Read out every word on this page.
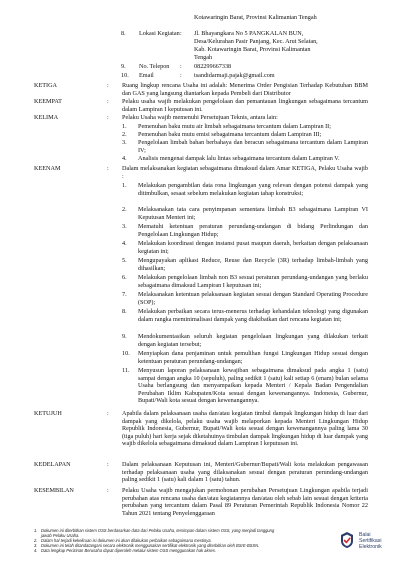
Kotawaringin Barat, Provinsi Kalimantan Tengah
8. Lokasi Kegiatan : Jl. Bhayangkara No 5 PANGKALAN BUN,
Desa/Kelurahan Pasir Panjang, Kec. Arut Selatan,
Kab. Kotawaringin Barat, Provinsi Kalimantan
Tengah
9. No. Telepon : 082299667338
10. Email	: tsandidarmaji.pajak@gmail.com
KETIGA	: Ruang lingkup rencana Usaha ini adalah: Menerima Order Pengisian Terhadap Kebutuhan BBM dan GAS yang langsung diantarkan kepada Pembeli dari Distributor
KEEMPAT	: Pelaku usaha wajib melakukan pengelolaan dan pemantauan lingkungan sebagaimana tercantum dalam Lampiran I keputusan ini.
KELIMA	: Pelaku Usaha wajib memenuhi Persetujuan Teknis, antara lain:
1. Pemenuhan baku mutu air limbah sebagaimana tercantum dalam Lampiran II;
2. Pemenuhan baku mutu emisi sebagaimana tercantum dalam Lampiran III;
3. Pengelolaan limbah bahan berbahaya dan beracun sebagaimana tercantum dalam Lampiran IV;
4. Analisis mengenai dampak lalu lintas sebagaimana tercantum dalam Lampiran V.
KEENAM	: Dalam melaksanakan kegiatan sebagaimana dimaksud dalam Amar KETIGA, Pelaku Usaha wajib :
1. Melakukan pengambilan data rona lingkungan yang relevan dengan potensi dampak yang ditimbulkan, sesaat sebelum melakukan kegiatan tahap konstruksi;
2. Melaksanakan tata cara penyimpanan sementara limbah B3 sebagaimana Lampiran VI Keputusan Menteri ini;
3. Mematuhi ketentuan peraturan perundang-undangan di bidang Perlindungan dan Pengelolaan Lingkungan Hidup;
4. Melakukan koordinasi dengan instansi pusat maupun daerah, berkaitan dengan pelaksanaan kegiatan ini;
5. Mengupayakan aplikasi Reduce, Reuse dan Recycle (3R) terhadap limbah-limbah yang dihasilkan;
6. Melakukan pengelolaan limbah non B3 sesuai peraturan perundang-undangan yang berlaku sebagaimana dimaksud Lampiran I keputusan ini;
7. Melaksanakan ketentuan pelaksanaan kegiatan sesuai dengan Standard Operating Procedure (SOP);
8. Melakukan perbaikan secara terus-menerus terhadap kehandalan teknologi yang digunakan dalam rangka meminimalisasi dampak yang diakibatkan dari rencana kegiatan ini;
9. Mendokumentasikan seluruh kegiatan pengelolaan lingkungan yang dilakukan terkait dengan kegiatan tersebut;
10. Menyiapkan dana penjaminan untuk pemulihan fungsi Lingkungan Hidup sesuai dengan ketentuan peraturan perundang-undangan;
11. Menyusun laporan pelaksanaan kewajiban sebagaimana dimaksud pada angka 1 (satu) sampai dengan angka 10 (sepuluh), paling sedikit 1 (satu) kali setiap 6 (enam) bulan selama Usaha berlangsung dan menyampaikan kepada Menteri / Kepala Badan Pengendalian Perubahan Iklim Kabupaten/Kota sesuai dengan kewenangannya. Indonesia, Gubernur, Bupati/Wali kota sesuai dengan kewenangannya.
KETUJUH	: Apabila dalam pelaksanaan usaha dan/atau kegiatan timbul dampak lingkungan hidup di luar dari dampak yang dikelola, pelaku usaha wajib melaporkan kepada Menteri Lingkungan Hidup Republik Indonesia, Gubernur, Bupati/Wali kota sesuai dengan kewenangannya paling lama 30 (tiga puluh) hari kerja sejak diketahuinya timbulan dampak lingkungan hidup di luar dampak yang wajib dikelola sebagaimana dimaksud dalam Lampiran I keputusan ini.
KEDELAPAN	: Dalam pelaksanaan Keputusan ini, Menteri/Gubernur/Bupati/Wali kota melakukan pengawasan terhadap pelaksanaan usaha yang dilaksanakan sesuai dengan peraturan perundang-undangan paling sedikit 1 (satu) kali dalam 1 (satu) tahun.
KESEMBILAN	: Pelaku Usaha wajib mengajukan permohonan perubahan Persetujuan Lingkungan apabila terjadi perubahan atas rencana usaha dan/atau kegiatannya dan/atau oleh sebab lain sesuai dengan kriteria perubahan yang tercantum dalam Pasal 89 Peraturan Pemerintah Republik Indonesia Nomor 22 Tahun 2021 tentang Penyelenggaraan
1. Dokumen ini diterbitkan sistem OSS berdasarkan data dari Pelaku Usaha, tersimpan dalam sistem OSS, yang menjadi tanggung
jawab Pelaku Usaha.
2. Dalam hal terjadi kekeliruan isi dokumen ini akan dilakukan perbaikan sebagaimana mestinya.
3. Dokumen ini telah ditandatangani secara elektronik menggunakan sertifikat elektronik yang diterbitkan oleh BSrE-BSSN.
4. Data lengkap Perizinan Berusaha dapat diperoleh melalui sistem OSS menggunakan hak akses.
Balai
Sertifikasi
Elektronik
